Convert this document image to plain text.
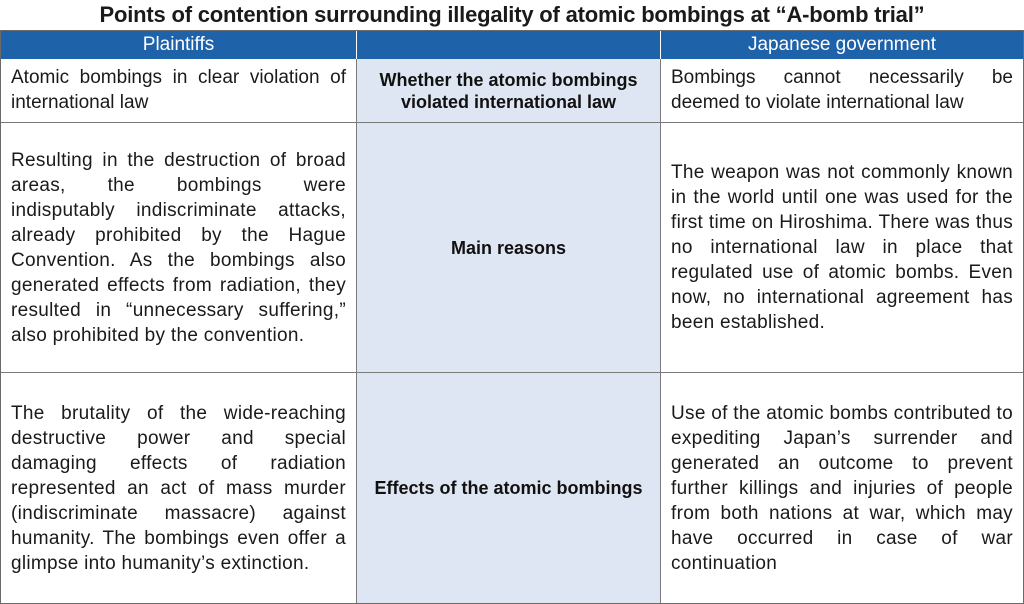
Points of contention surrounding illegality of atomic bombings at “A-bomb trial”
Plaintiffs	Japanese government
Atomic bombings in clear violation of international law
Whether the atomic bombings violated international law
Bombings cannot necessarily be deemed to violate international law
Resulting in the destruction of broad areas, the bombings were indisputably indiscriminate attacks, already prohibited by the Hague Convention. As the bombings also generated effects from radiation, they resulted in “unnecessary suffering,” also prohibited by the convention.
Main reasons
The weapon was not commonly known in the world until one was used for the first time on Hiroshima. There was thus no international law in place that regulated use of atomic bombs. Even now, no international agreement has been established.
The brutality of the wide-reaching destructive power and special damaging effects of radiation represented an act of mass murder (indiscriminate massacre) against humanity. The bombings even offer a glimpse into humanity’s extinction.
Effects of the atomic bombings
Use of the atomic bombs contributed to expediting Japan’s surrender and generated an outcome to prevent further killings and injuries of people from both nations at war, which may have occurred in case of war continuation
